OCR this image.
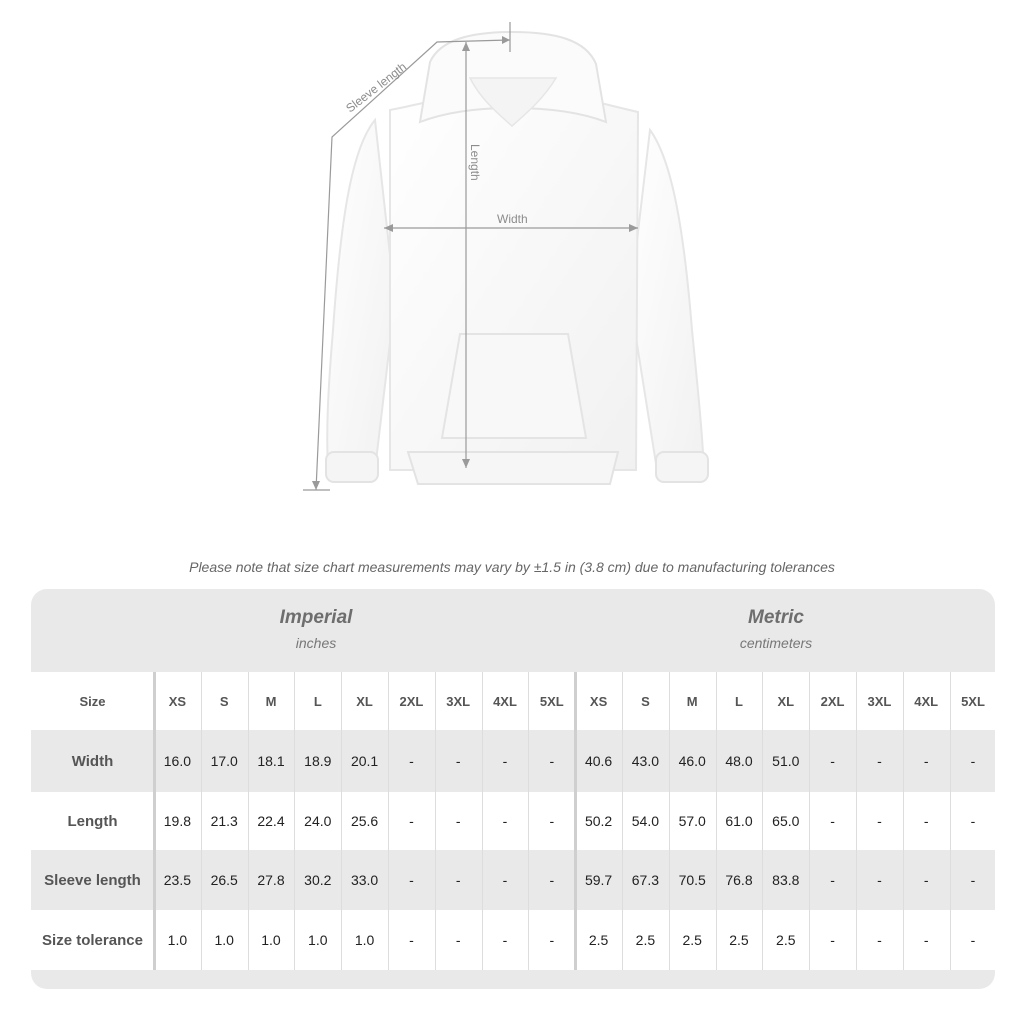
Sleeve length
Length
Width
Please note that size chart measurements may vary by ±1.5 in (3.8 cm) due to manufacturing tolerances
Imperial
inches
Metric
centimeters
Size	XS	S	M	L	XL	2XL	3XL	4XL	5XL	XS	S	M	L	XL	2XL	3XL	4XL	5XL
Width	16.0	17.0	18.1	18.9	20.1	-	-	-	-	40.6	43.0	46.0	48.0	51.0	-	-	-	-
Length	19.8	21.3	22.4	24.0	25.6	-	-	-	-	50.2	54.0	57.0	61.0	65.0	-	-	-	-
Sleeve length	23.5	26.5	27.8	30.2	33.0	-	-	-	-	59.7	67.3	70.5	76.8	83.8	-	-	-	-
Size tolerance	1.0	1.0	1.0	1.0	1.0	-	-	-	-	2.5	2.5	2.5	2.5	2.5	-	-	-	-
